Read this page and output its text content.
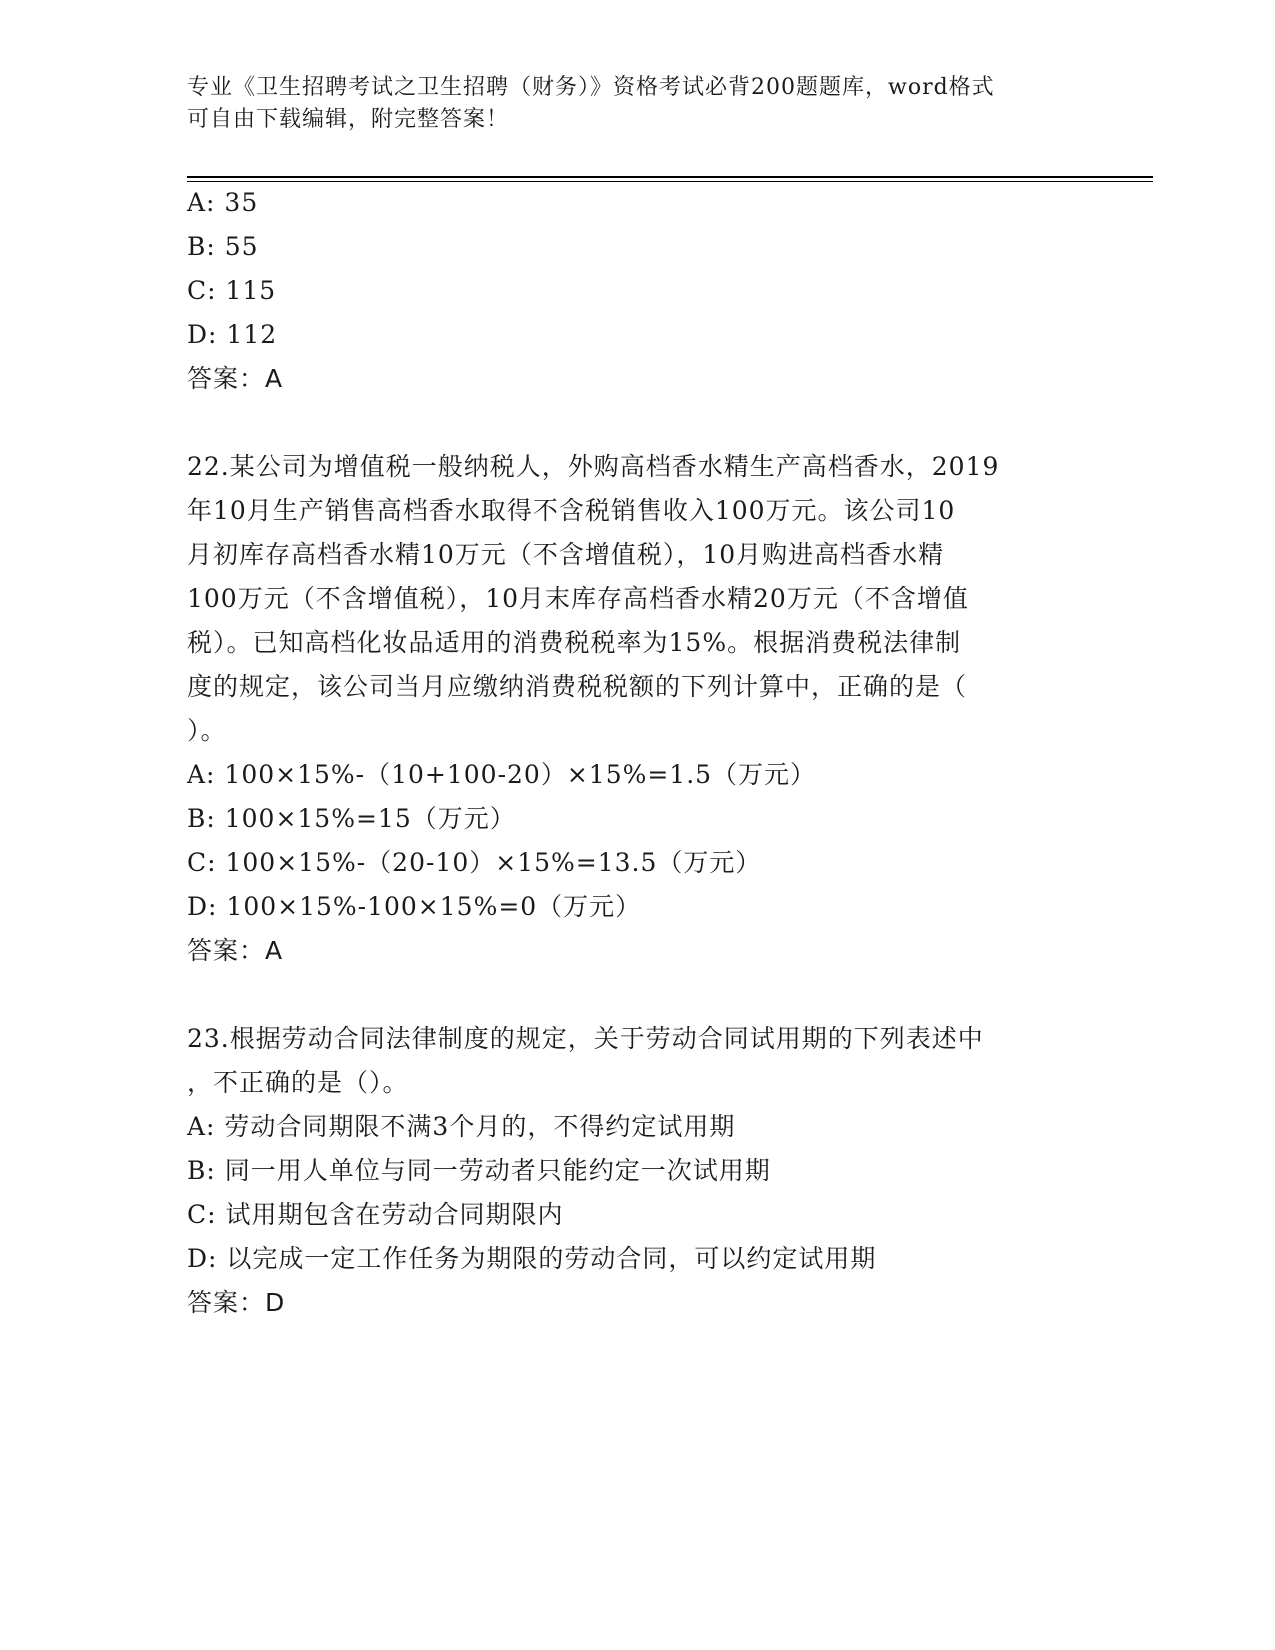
专业《卫生招聘考试之卫生招聘（财务）》资格考试必背200题题库，word格式
可自由下载编辑，附完整答案！
A: 35
B: 55
C: 115
D: 112
答案：A
22.某公司为增值税一般纳税人，外购高档香水精生产高档香水，2019
年10月生产销售高档香水取得不含税销售收入100万元。该公司10
月初库存高档香水精10万元（不含增值税），10月购进高档香水精
100万元（不含增值税），10月末库存高档香水精20万元（不含增值
税）。已知高档化妆品适用的消费税税率为15%。根据消费税法律制
度的规定，该公司当月应缴纳消费税税额的下列计算中，正确的是（
）。
A: 100×15%-（10+100-20）×15%=1.5（万元）
B: 100×15%=15（万元）
C: 100×15%-（20-10）×15%=13.5（万元）
D: 100×15%-100×15%=0（万元）
答案：A
23.根据劳动合同法律制度的规定，关于劳动合同试用期的下列表述中
，不正确的是（）。
A: 劳动合同期限不满3个月的，不得约定试用期
B: 同一用人单位与同一劳动者只能约定一次试用期
C: 试用期包含在劳动合同期限内
D: 以完成一定工作任务为期限的劳动合同，可以约定试用期
答案：D
